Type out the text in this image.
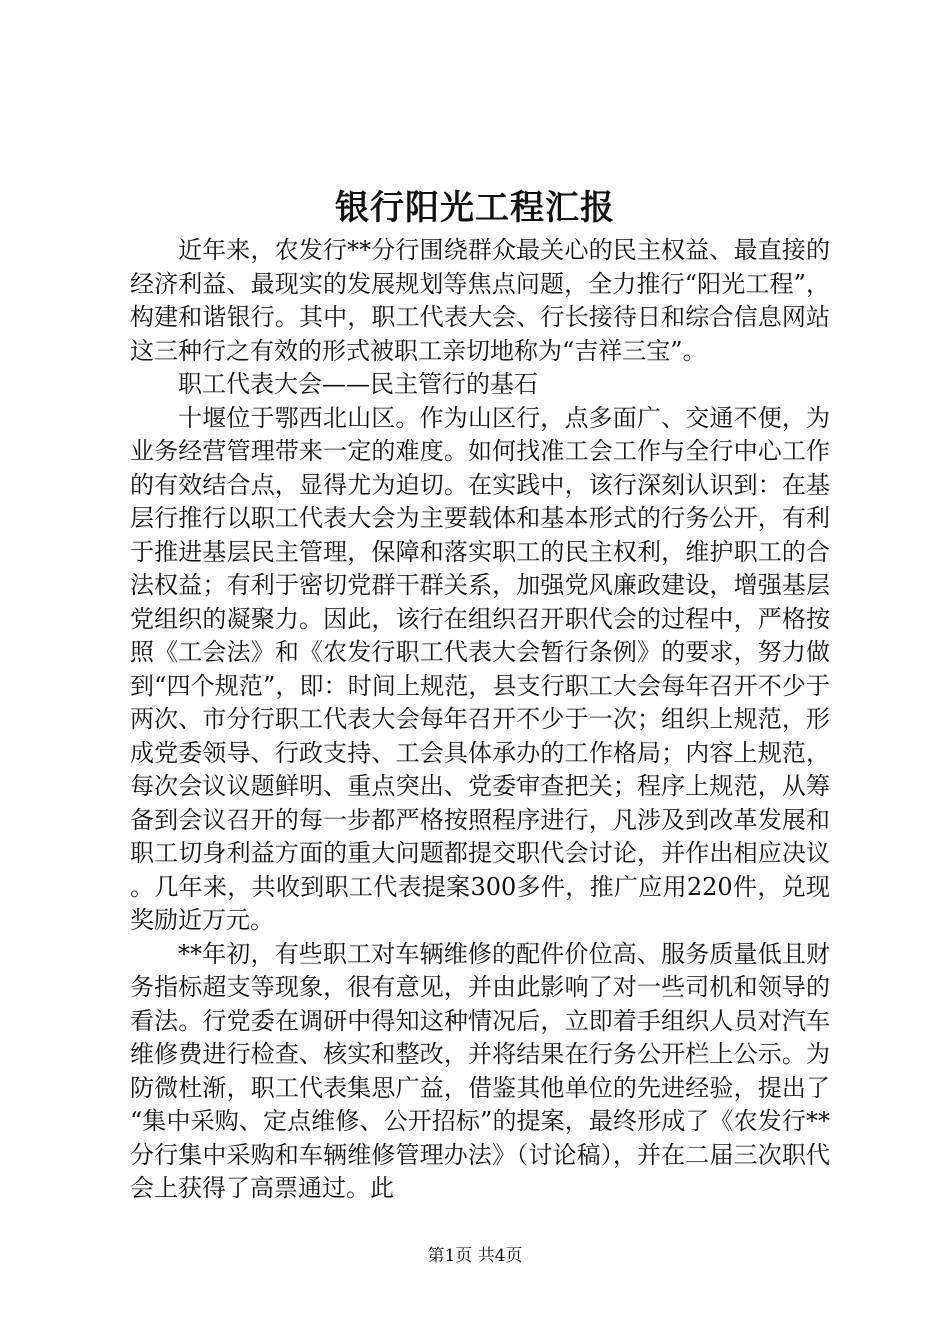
银行阳光工程汇报

近年来，农发行**分行围绕群众最关心的民主权益、最直接的经济利益、最现实的发展规划等焦点问题，全力推行“阳光工程”，构建和谐银行。其中，职工代表大会、行长接待日和综合信息网站这三种行之有效的形式被职工亲切地称为“吉祥三宝”。

职工代表大会——民主管行的基石

十堰位于鄂西北山区。作为山区行，点多面广、交通不便，为业务经营管理带来一定的难度。如何找准工会工作与全行中心工作的有效结合点，显得尤为迫切。在实践中，该行深刻认识到：在基层行推行以职工代表大会为主要载体和基本形式的行务公开，有利于推进基层民主管理，保障和落实职工的民主权利，维护职工的合法权益；有利于密切党群干群关系，加强党风廉政建设，增强基层党组织的凝聚力。因此，该行在组织召开职代会的过程中，严格按照《工会法》和《农发行职工代表大会暂行条例》的要求，努力做到“四个规范”，即：时间上规范，县支行职工大会每年召开不少于两次、市分行职工代表大会每年召开不少于一次；组织上规范，形成党委领导、行政支持、工会具体承办的工作格局；内容上规范，每次会议议题鲜明、重点突出、党委审查把关；程序上规范，从筹备到会议召开的每一步都严格按照程序进行，凡涉及到改革发展和职工切身利益方面的重大问题都提交职代会讨论，并作出相应决议。几年来，共收到职工代表提案300多件，推广应用220件，兑现奖励近万元。

**年初，有些职工对车辆维修的配件价位高、服务质量低且财务指标超支等现象，很有意见，并由此影响了对一些司机和领导的看法。行党委在调研中得知这种情况后，立即着手组织人员对汽车维修费进行检查、核实和整改，并将结果在行务公开栏上公示。为防微杜渐，职工代表集思广益，借鉴其他单位的先进经验，提出了“集中采购、定点维修、公开招标”的提案，最终形成了《农发行**分行集中采购和车辆维修管理办法》（讨论稿），并在二届三次职代会上获得了高票通过。此

第1页 共4页
